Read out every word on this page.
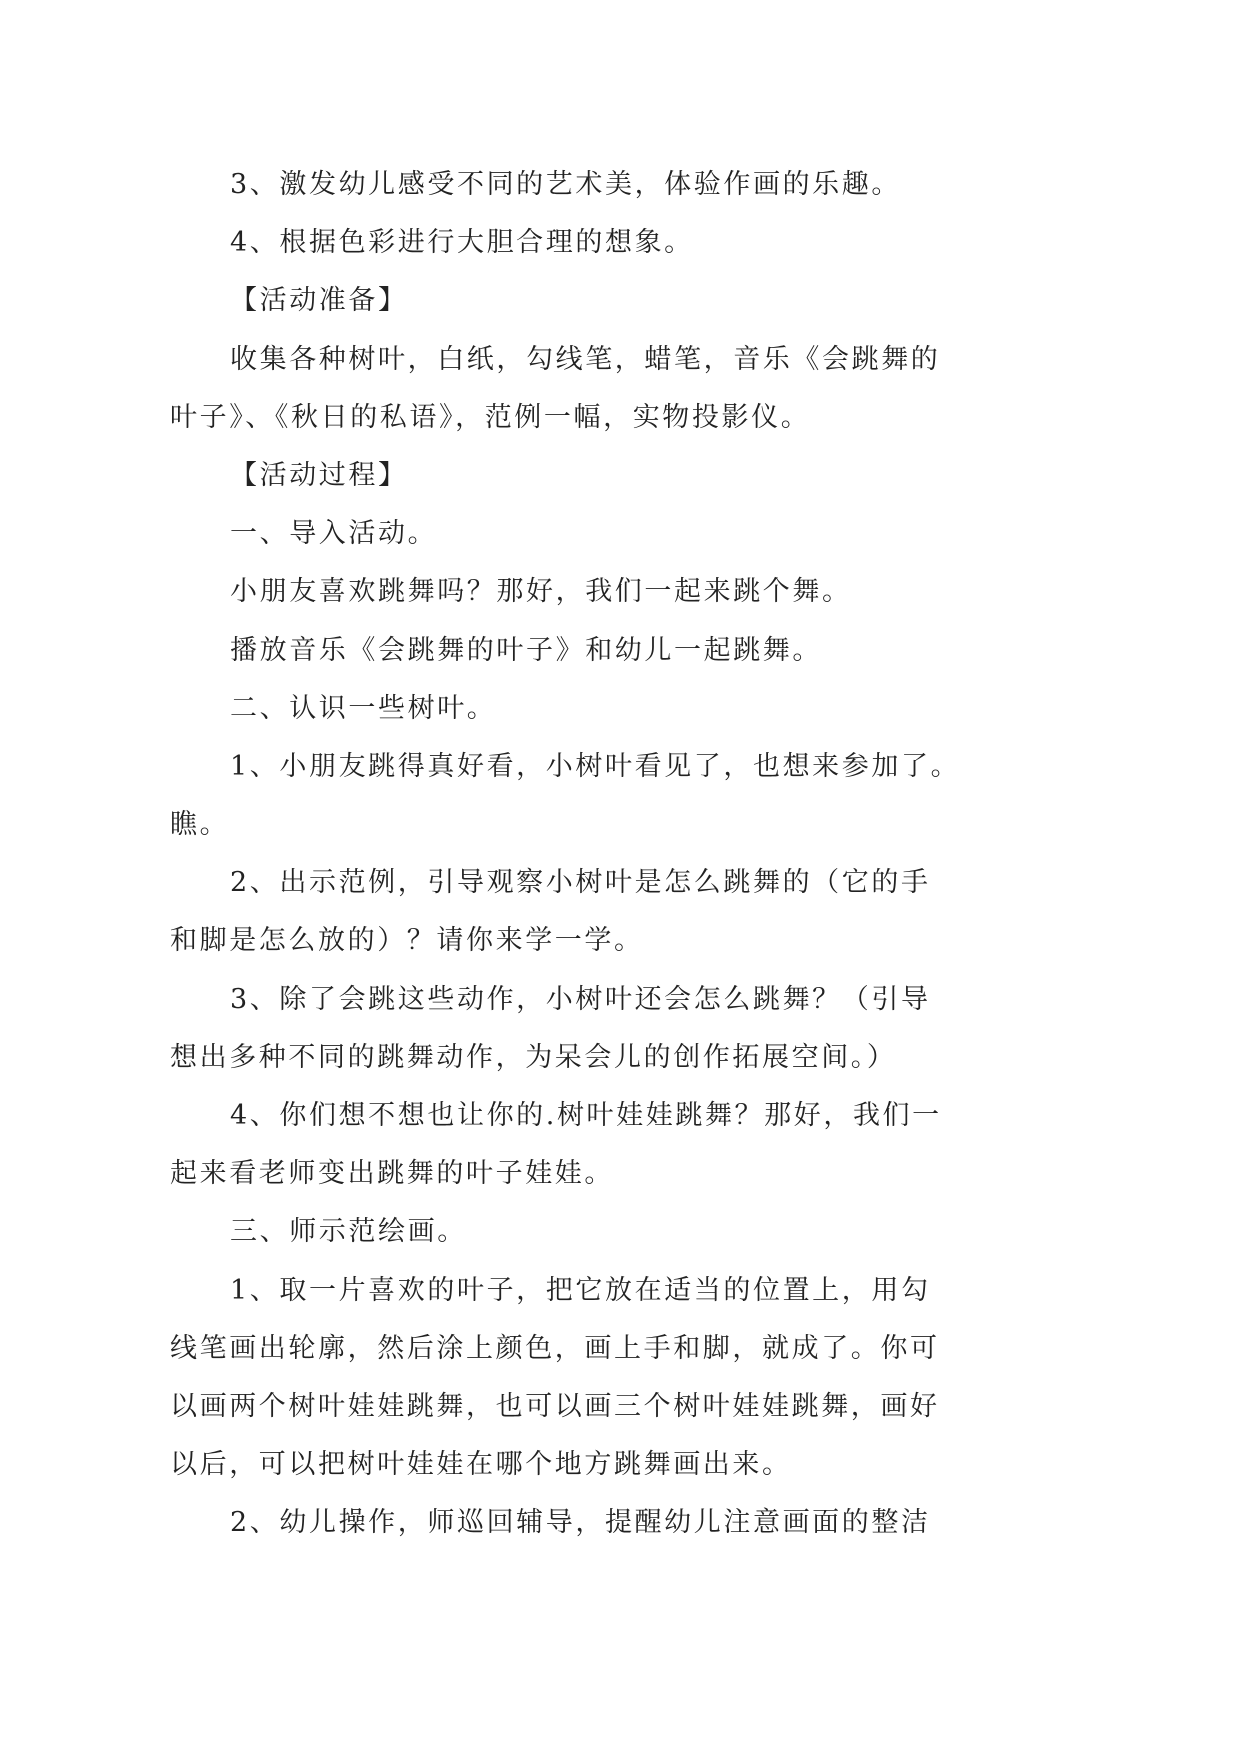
3、激发幼儿感受不同的艺术美，体验作画的乐趣。
4、根据色彩进行大胆合理的想象。
【活动准备】
收集各种树叶，白纸，勾线笔，蜡笔，音乐《会跳舞的
叶子》、《秋日的私语》，范例一幅，实物投影仪。
【活动过程】
一、导入活动。
小朋友喜欢跳舞吗？那好，我们一起来跳个舞。
播放音乐《会跳舞的叶子》和幼儿一起跳舞。
二、认识一些树叶。
1、小朋友跳得真好看，小树叶看见了，也想来参加了。
瞧。
2、出示范例，引导观察小树叶是怎么跳舞的（它的手
和脚是怎么放的）？请你来学一学。
3、除了会跳这些动作，小树叶还会怎么跳舞？（引导
想出多种不同的跳舞动作，为呆会儿的创作拓展空间。）
4、你们想不想也让你的.树叶娃娃跳舞？那好，我们一
起来看老师变出跳舞的叶子娃娃。
三、师示范绘画。
1、取一片喜欢的叶子，把它放在适当的位置上，用勾
线笔画出轮廓，然后涂上颜色，画上手和脚，就成了。你可
以画两个树叶娃娃跳舞，也可以画三个树叶娃娃跳舞，画好
以后，可以把树叶娃娃在哪个地方跳舞画出来。
2、幼儿操作，师巡回辅导，提醒幼儿注意画面的整洁
